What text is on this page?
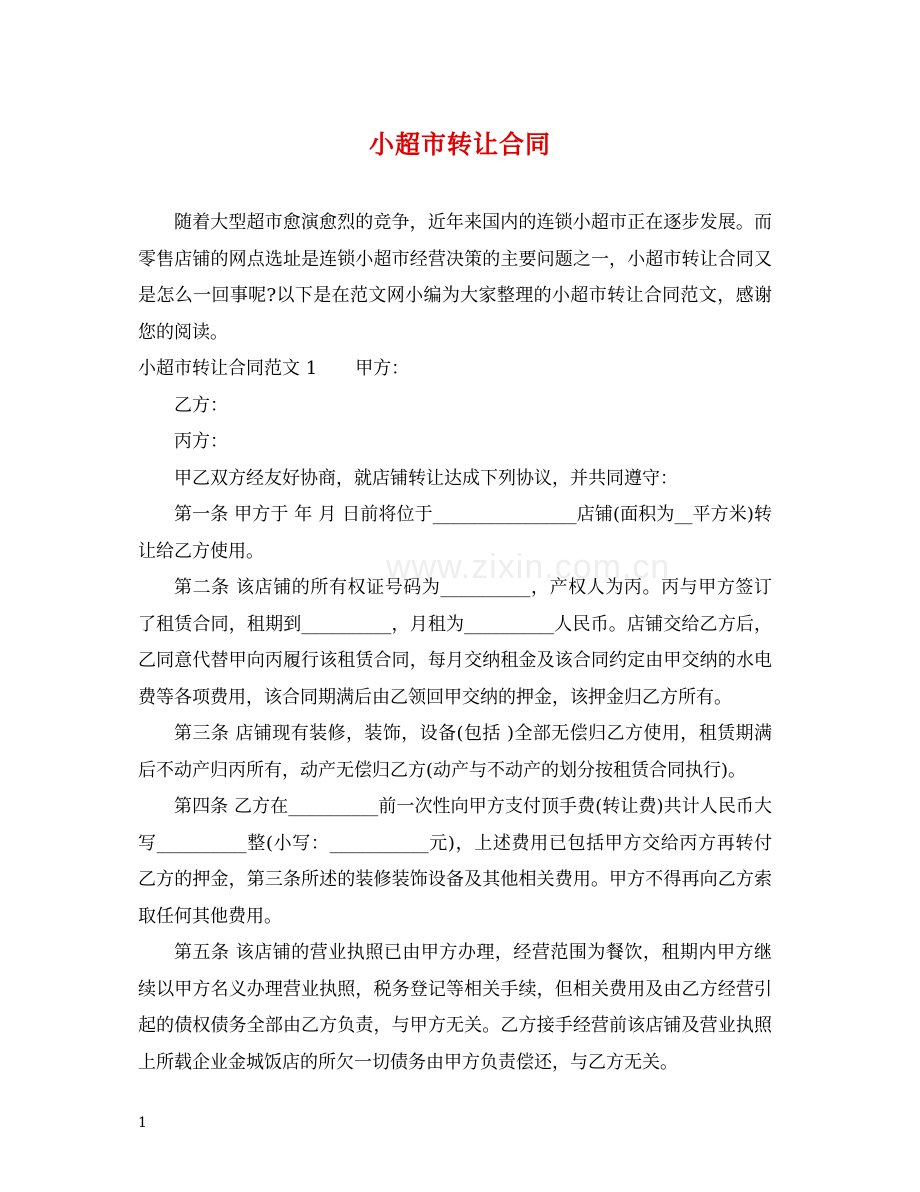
小超市转让合同
www.zixin.com.cn

随着大型超市愈演愈烈的竞争，近年来国内的连锁小超市正在逐步发展。而零售店铺的网点选址是连锁小超市经营决策的主要问题之一，小超市转让合同又是怎么一回事呢?以下是在范文网小编为大家整理的小超市转让合同范文，感谢您的阅读。

小超市转让合同范文 1 甲方：

乙方：

丙方：

甲乙双方经友好协商，就店铺转让达成下列协议，并共同遵守：

第一条 甲方于 年 月 日前将位于________________店铺(面积为__平方米)转让给乙方使用。

第二条 该店铺的所有权证号码为__________，产权人为丙。丙与甲方签订了租赁合同，租期到__________，月租为__________人民币。店铺交给乙方后，乙同意代替甲向丙履行该租赁合同，每月交纳租金及该合同约定由甲交纳的水电费等各项费用，该合同期满后由乙领回甲交纳的押金，该押金归乙方所有。

第三条 店铺现有装修，装饰，设备(包括 )全部无偿归乙方使用，租赁期满后不动产归丙所有，动产无偿归乙方(动产与不动产的划分按租赁合同执行)。

第四条 乙方在__________前一次性向甲方支付顶手费(转让费)共计人民币大写__________整(小写：___________元)，上述费用已包括甲方交给丙方再转付乙方的押金，第三条所述的装修装饰设备及其他相关费用。甲方不得再向乙方索取任何其他费用。

第五条 该店铺的营业执照已由甲方办理，经营范围为餐饮，租期内甲方继续以甲方名义办理营业执照，税务登记等相关手续，但相关费用及由乙方经营引起的债权债务全部由乙方负责，与甲方无关。乙方接手经营前该店铺及营业执照上所载企业金城饭店的所欠一切债务由甲方负责偿还，与乙方无关。

1
